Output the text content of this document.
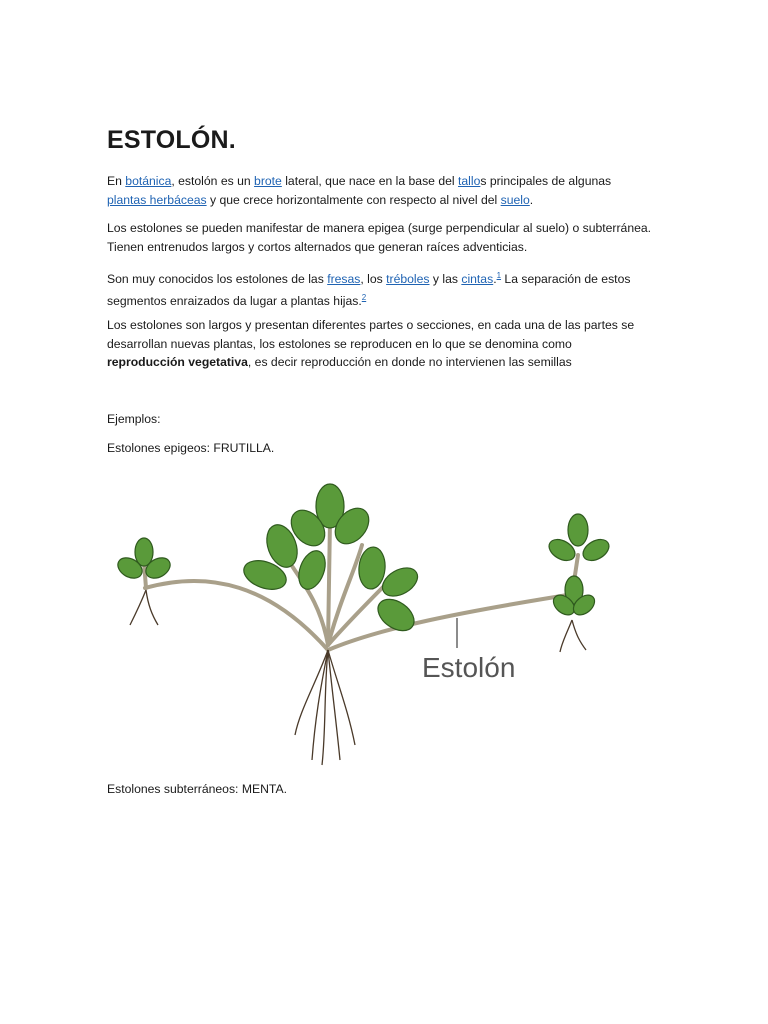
ESTOLÓN.

En botánica, estolón es un brote lateral, que nace en la base del tallos principales de algunas plantas herbáceas y que crece horizontalmente con respecto al nivel del suelo.

Los estolones se pueden manifestar de manera epigea (surge perpendicular al suelo) o subterránea. Tienen entrenudos largos y cortos alternados que generan raíces adventicias.

Son muy conocidos los estolones de las fresas, los tréboles y las cintas.$^1$ La separación de estos segmentos enraizados da lugar a plantas hijas.$^2$

Los estolones son largos y presentan diferentes partes o secciones, en cada una de las partes se desarrollan nuevas plantas, los estolones se reproducen en lo que se denomina como reproducción vegetativa, es decir reproducción en donde no intervienen las semillas

Ejemplos:

Estolones epigeos: FRUTILLA.

Estolón

Estolones subterráneos: MENTA.
